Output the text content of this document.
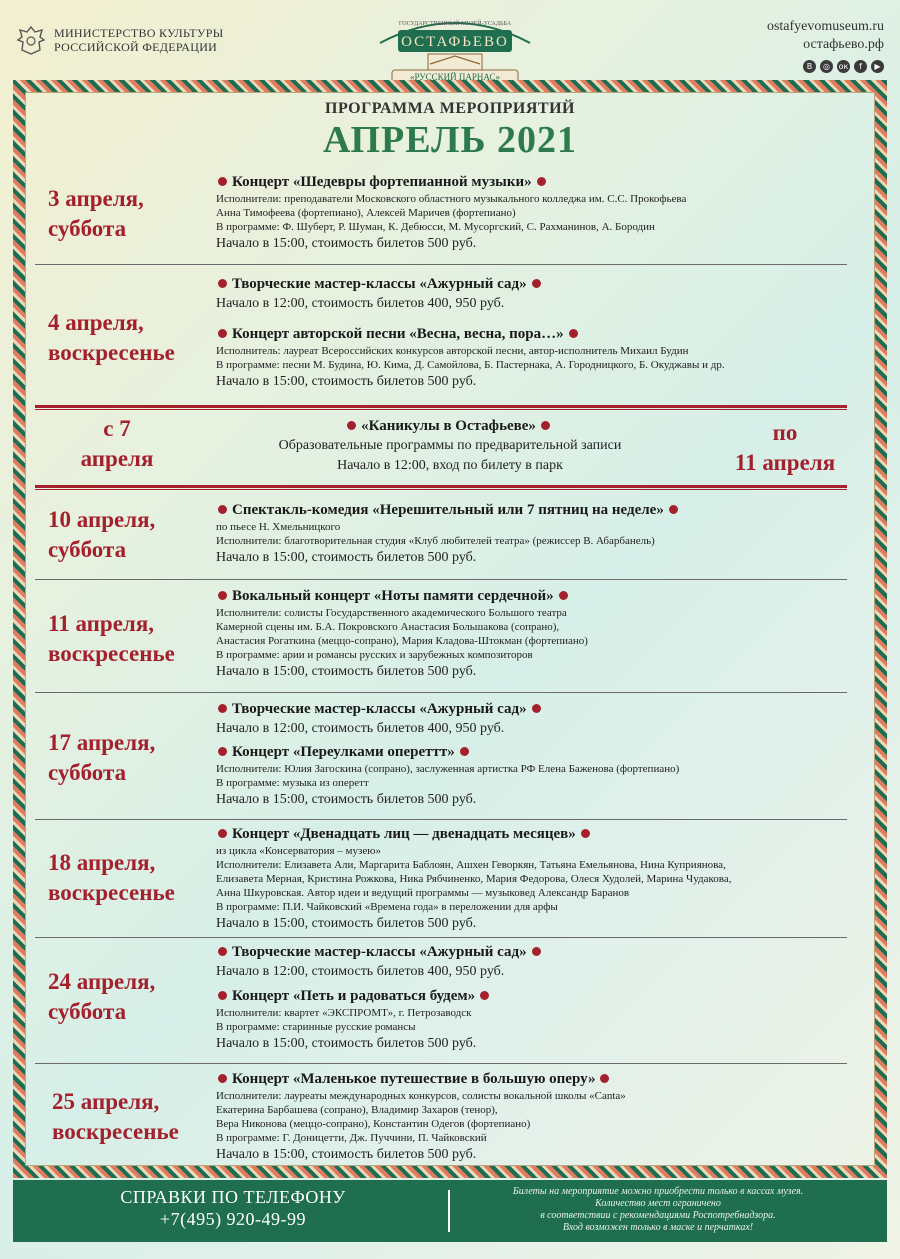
МИНИСТЕРСТВО КУЛЬТУРЫ
РОССИЙСКОЙ ФЕДЕРАЦИИ
ГОСУДАРСТВЕННЫЙ МУЗЕЙ-УСАДЬБА
ОСТАФЬЕВО
«РУССКИЙ ПАРНАС»
ostafyevomuseum.ru
остафьево.рф
В	◎	ок	f	▶
ПРОГРАММА МЕРОПРИЯТИЙ
АПРЕЛЬ 2021
3 апреля,
суббота
Концерт «Шедевры фортепианной музыки»
Исполнители: преподаватели Московского областного музыкального колледжа им. С.С. Прокофьева
Анна Тимофеева (фортепиано), Алексей Маричев (фортепиано)
В программе: Ф. Шуберт, Р. Шуман, К. Дебюсси, М. Мусоргский, С. Рахманинов, А. Бородин
Начало в 15:00, стоимость билетов 500 руб.
4 апреля,
воскресенье
Творческие мастер-классы «Ажурный сад»
Начало в 12:00, стоимость билетов 400, 950 руб.
Концерт авторской песни «Весна, весна, пора…»
Исполнитель: лауреат Всероссийских конкурсов авторской песни, автор-исполнитель Михаил Будин
В программе: песни М. Будина, Ю. Кима, Д. Самойлова, Б. Пастернака, А. Городницкого, Б. Окуджавы и др.
Начало в 15:00, стоимость билетов 500 руб.
с 7
апреля
«Каникулы в Остафьеве»
Образовательные программы по предварительной записи
Начало в 12:00, вход по билету в парк
по
11 апреля
10 апреля,
суббота
Спектакль-комедия «Нерешительный или 7 пятниц на неделе»
по пьесе Н. Хмельницкого
Исполнители: благотворительная студия «Клуб любителей театра» (режиссер В. Абарбанель)
Начало в 15:00, стоимость билетов 500 руб.
11 апреля,
воскресенье
Вокальный концерт «Ноты памяти сердечной»
Исполнители: солисты Государственного академического Большого театра
Камерной сцены им. Б.А. Покровского Анастасия Большакова (сопрано),
Анастасия Рогаткина (меццо-сопрано), Мария Кладова-Штокман (фортепиано)
В программе: арии и романсы русских и зарубежных композиторов
Начало в 15:00, стоимость билетов 500 руб.
17 апреля,
суббота
Творческие мастер-классы «Ажурный сад»
Начало в 12:00, стоимость билетов 400, 950 руб.
Концерт «Переулками опереттт»
Исполнители: Юлия Загоскина (сопрано), заслуженная артистка РФ Елена Баженова (фортепиано)
В программе: музыка из оперетт
Начало в 15:00, стоимость билетов 500 руб.
18 апреля,
воскресенье
Концерт «Двенадцать лиц — двенадцать месяцев»
из цикла «Консерватория – музею»
Исполнители: Елизавета Али, Маргарита Баблоян, Ашхен Геворкян, Татьяна Емельянова, Нина Куприянова,
Елизавета Мерная, Кристина Рожкова, Ника Рябчиненко, Мария Федорова, Олеся Худолей, Марина Чудакова,
Анна Шкуровская. Автор идеи и ведущий программы — музыковед Александр Баранов
В программе: П.И. Чайковский «Времена года» в переложении для арфы
Начало в 15:00, стоимость билетов 500 руб.
24 апреля,
суббота
Творческие мастер-классы «Ажурный сад»
Начало в 12:00, стоимость билетов 400, 950 руб.
Концерт «Петь и радоваться будем»
Исполнители: квартет «ЭКСПРОМТ», г. Петрозаводск
В программе: старинные русские романсы
Начало в 15:00, стоимость билетов 500 руб.
25 апреля,
воскресенье
Концерт «Маленькое путешествие в большую оперу»
Исполнители: лауреаты международных конкурсов, солисты вокальной школы «Canta»
Екатерина Барбашева (сопрано), Владимир Захаров (тенор),
Вера Никонова (меццо-сопрано), Константин Одегов (фортепиано)
В программе: Г. Доницетти, Дж. Пуччини, П. Чайковский
Начало в 15:00, стоимость билетов 500 руб.
СПРАВКИ ПО ТЕЛЕФОНУ
+7(495) 920-49-99
Билеты на мероприятие можно приобрести только в кассах музея.
Количество мест ограничено
в соответствии с рекомендациями Роспотребнадзора.
Вход возможен только в маске и перчатках!
